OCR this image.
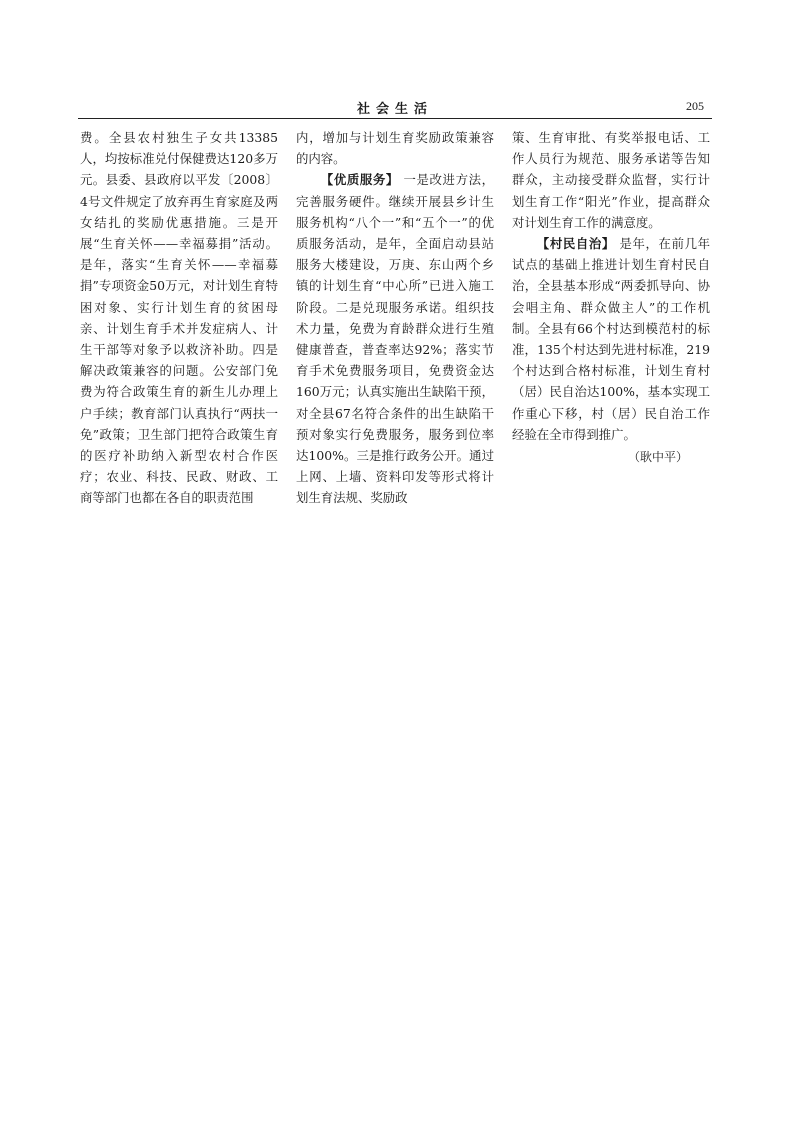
社会生活	205

费。全县农村独生子女共13385人，均按标准兑付保健费达120多万元。县委、县政府以平发〔2008〕4号文件规定了放弃再生育家庭及两女结扎的奖励优惠措施。三是开展“生育关怀——幸福募捐”活动。是年，落实“生育关怀——幸福募捐”专项资金50万元，对计划生育特困对象、实行计划生育的贫困母亲、计划生育手术并发症病人、计生干部等对象予以救济补助。四是解决政策兼容的问题。公安部门免费为符合政策生育的新生儿办理上户手续；教育部门认真执行“两扶一免”政策；卫生部门把符合政策生育的医疗补助纳入新型农村合作医疗；农业、科技、民政、财政、工商等部门也都在各自的职责范围

内，增加与计划生育奖励政策兼容的内容。

【优质服务】 一是改进方法，完善服务硬件。继续开展县乡计生服务机构“八个一”和“五个一”的优质服务活动，是年，全面启动县站服务大楼建设，万庚、东山两个乡镇的计划生育“中心所”已进入施工阶段。二是兑现服务承诺。组织技术力量，免费为育龄群众进行生殖健康普查，普查率达92%；落实节育手术免费服务项目，免费资金达160万元；认真实施出生缺陷干预，对全县67名符合条件的出生缺陷干预对象实行免费服务，服务到位率达100%。三是推行政务公开。通过上网、上墙、资料印发等形式将计划生育法规、奖励政

策、生育审批、有奖举报电话、工作人员行为规范、服务承诺等告知群众，主动接受群众监督，实行计划生育工作“阳光”作业，提高群众对计划生育工作的满意度。

【村民自治】 是年，在前几年试点的基础上推进计划生育村民自治，全县基本形成“两委抓导向、协会唱主角、群众做主人”的工作机制。全县有66个村达到模范村的标准，135个村达到先进村标准，219个村达到合格村标准，计划生育村（居）民自治达100%，基本实现工作重心下移，村（居）民自治工作经验在全市得到推广。

（耿中平）
